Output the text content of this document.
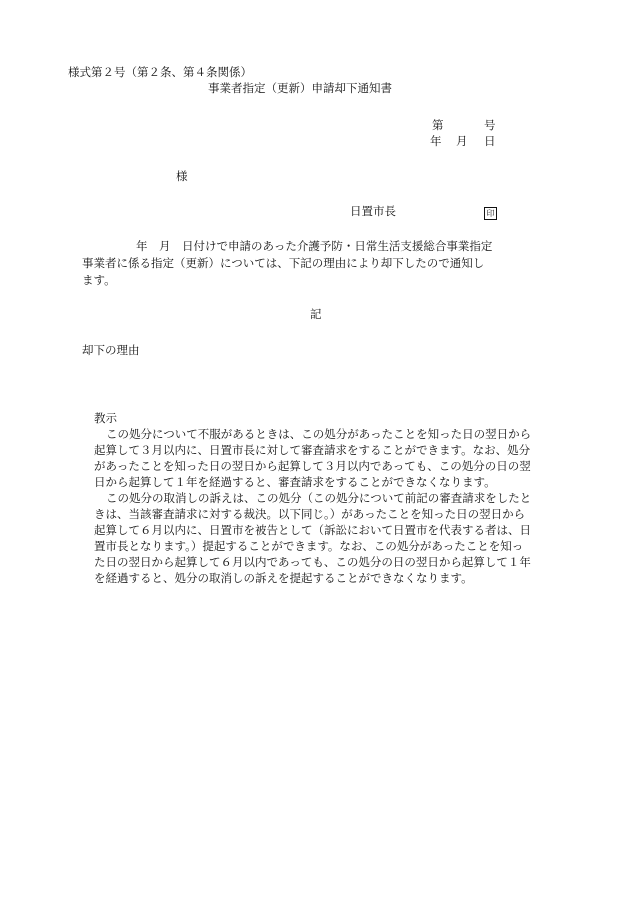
様式第２号（第２条、第４条関係）
事業者指定（更新）申請却下通知書
第	号
年 月 日
様
日置市長	印
年　月　日付けで申請のあった介護予防・日常生活支援総合事業指定
事業者に係る指定（更新）については、下記の理由により却下したので通知し
ます。
記
却下の理由
教示
この処分について不服があるときは、この処分があったことを知った日の翌日から
起算して３月以内に、日置市長に対して審査請求をすることができます。なお、処分
があったことを知った日の翌日から起算して３月以内であっても、この処分の日の翌
日から起算して１年を経過すると、審査請求をすることができなくなります。
この処分の取消しの訴えは、この処分（この処分について前記の審査請求をしたと
きは、当該審査請求に対する裁決。以下同じ。）があったことを知った日の翌日から
起算して６月以内に、日置市を被告として（訴訟において日置市を代表する者は、日
置市長となります。）提起することができます。なお、この処分があったことを知っ
た日の翌日から起算して６月以内であっても、この処分の日の翌日から起算して１年
を経過すると、処分の取消しの訴えを提起することができなくなります。
